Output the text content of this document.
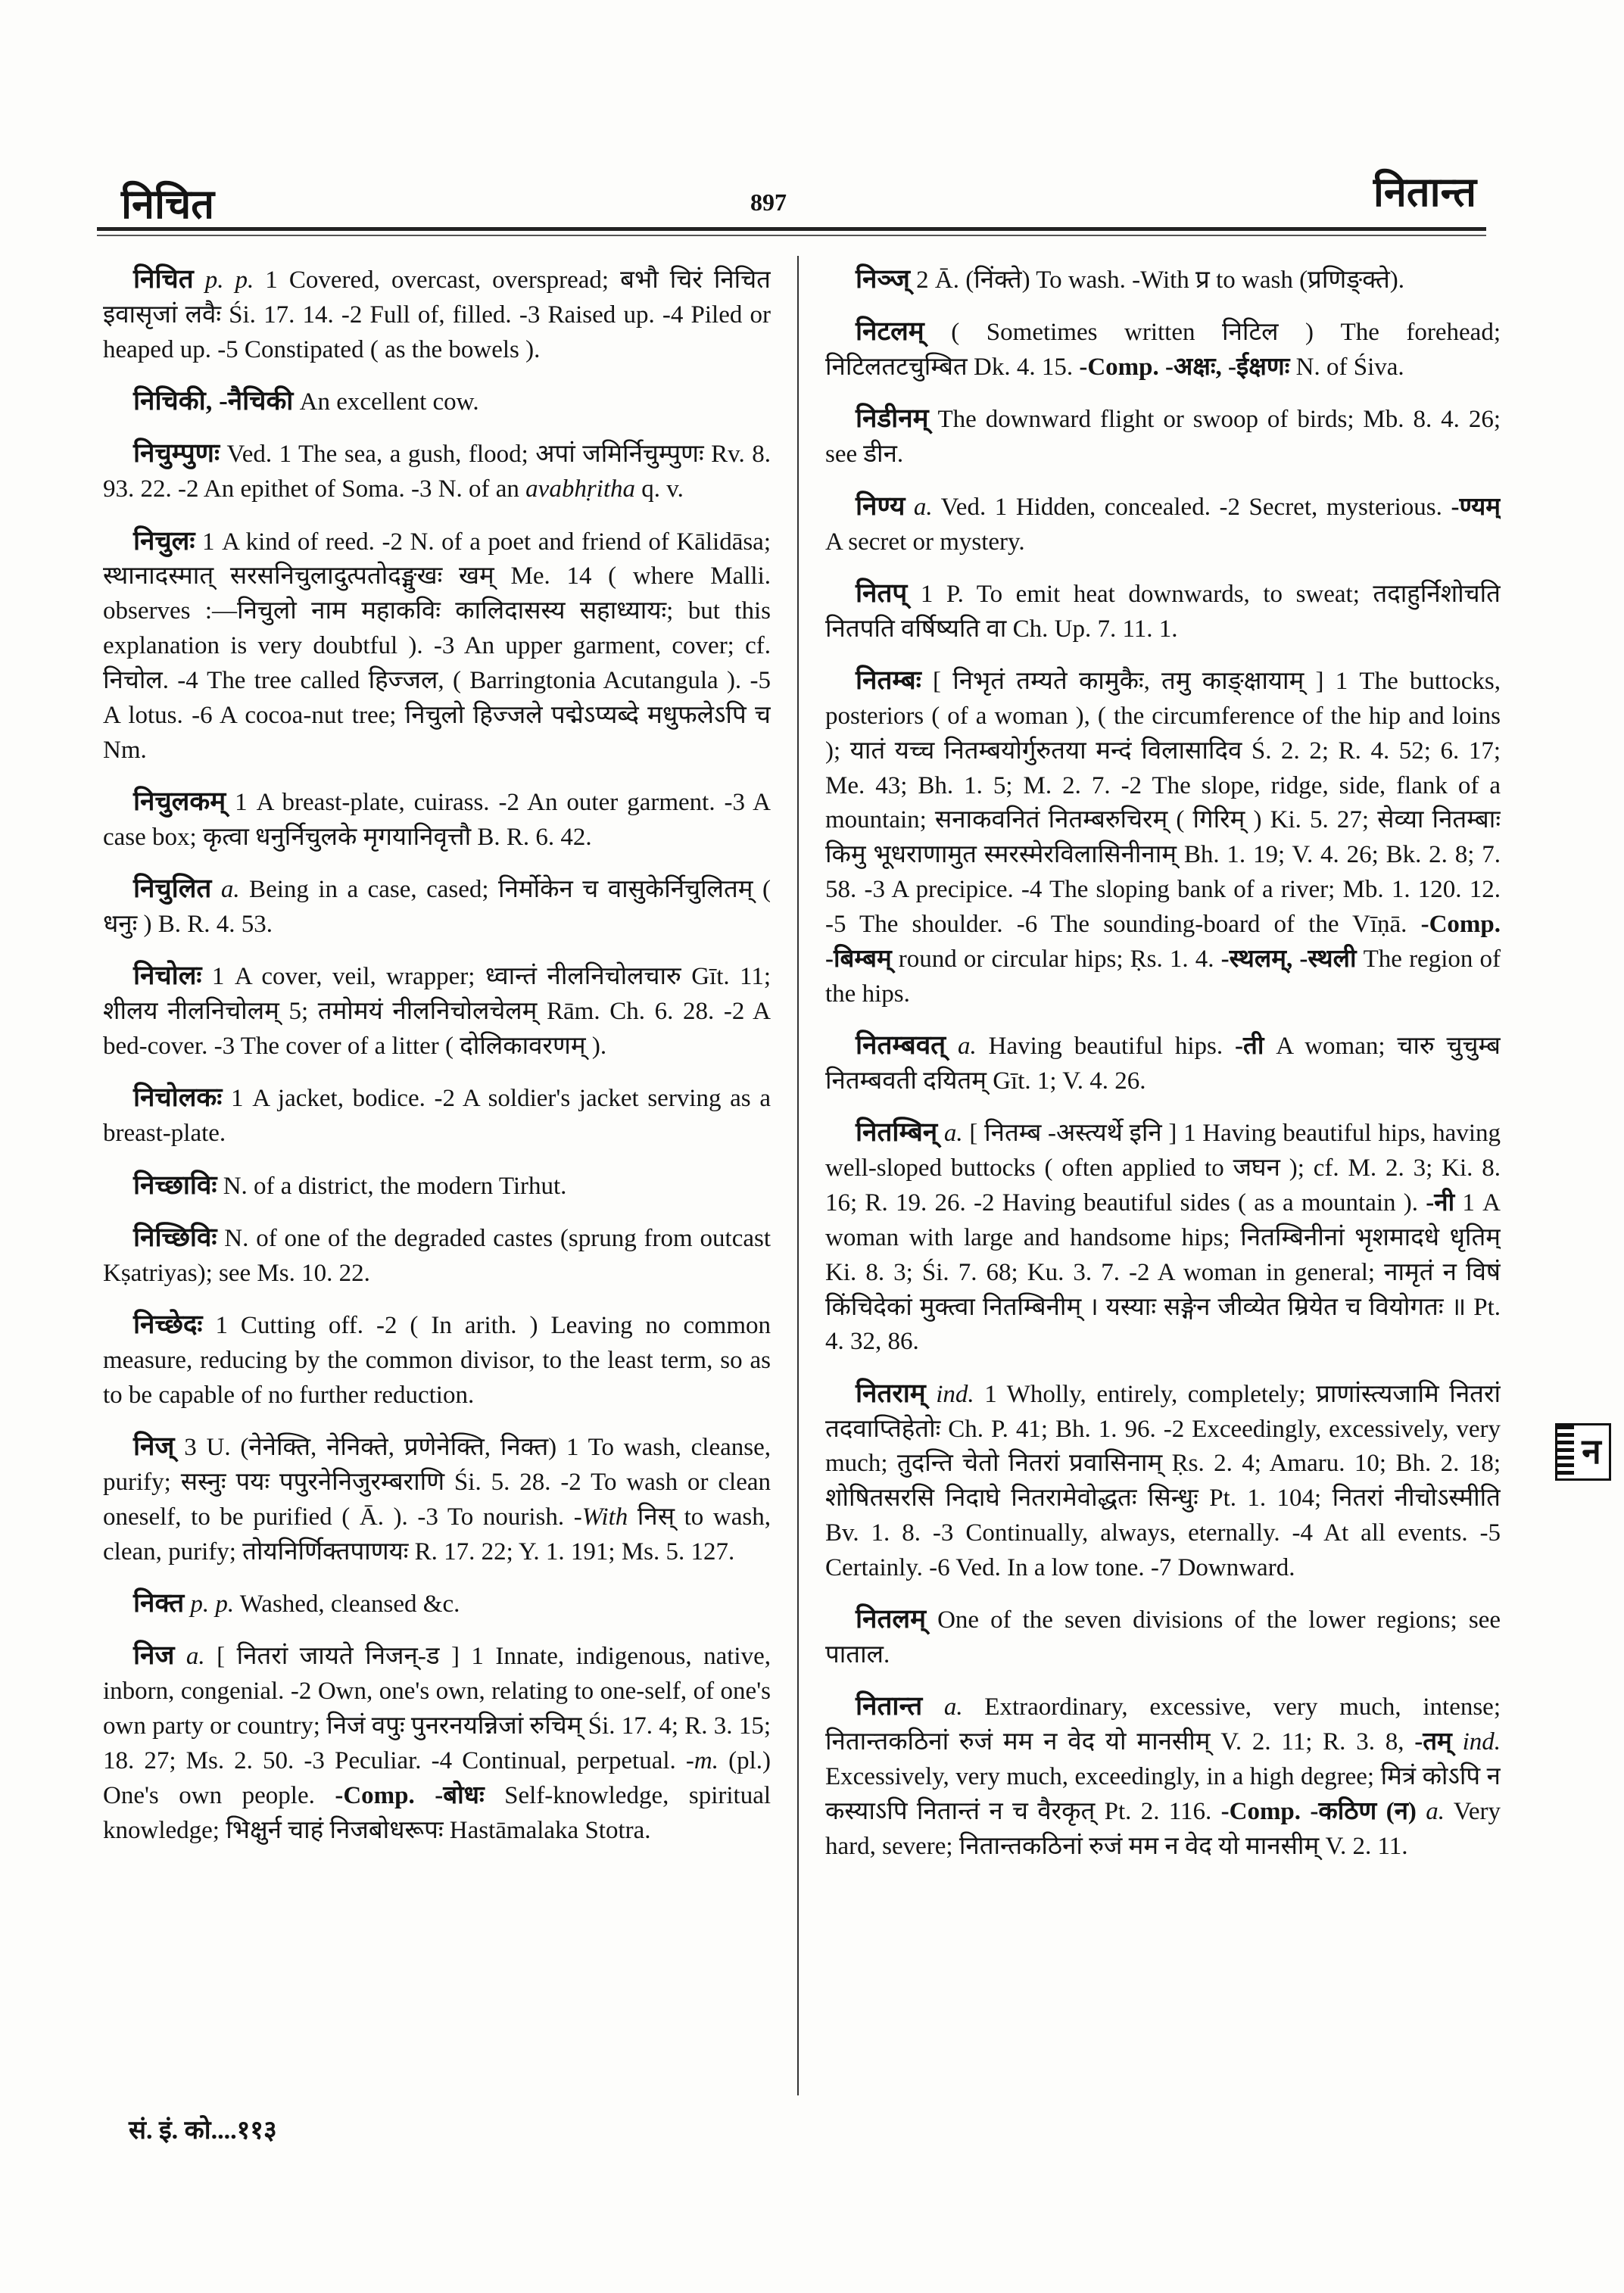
निचित	897	नितान्त

निचित p. p. 1 Covered, overcast, overspread; बभौ चिरं निचित इवासृजां लवैः Śi. 17. 14. -2 Full of, filled. -3 Raised up. -4 Piled or heaped up. -5 Constipated ( as the bowels ).

निचिकी, -नैचिकी An excellent cow.

निचुम्पुणः Ved. 1 The sea, a gush, flood; अपां जमिर्निचुम्पुणः Rv. 8. 93. 22. -2 An epithet of Soma. -3 N. of an avabhṛitha q. v.

निचुलः 1 A kind of reed. -2 N. of a poet and friend of Kālidāsa; स्थानादस्मात् सरसनिचुलादुत्पतोदङ्मुखः खम् Me. 14 ( where Malli. observes :—निचुलो नाम महाकविः कालिदासस्य सहाध्यायः; but this explanation is very doubtful ). -3 An upper garment, cover; cf. निचोल. -4 The tree called हिज्जल, ( Barringtonia Acutangula ). -5 A lotus. -6 A cocoa-nut tree; निचुलो हिज्जले पद्मेऽप्यब्दे मधुफलेऽपि च Nm.

निचुलकम् 1 A breast-plate, cuirass. -2 An outer garment. -3 A case box; कृत्वा धनुर्निचुलके मृगयानिवृत्तौ B. R. 6. 42.

निचुलित a. Being in a case, cased; निर्मोकेन च वासुकेर्निचुलितम् ( धनुः ) B. R. 4. 53.

निचोलः 1 A cover, veil, wrapper; ध्वान्तं नीलनिचोलचारु Gīt. 11; शीलय नीलनिचोलम् 5; तमोमयं नीलनिचोलचेलम् Rām. Ch. 6. 28. -2 A bed-cover. -3 The cover of a litter ( दोलिकावरणम् ).

निचोलकः 1 A jacket, bodice. -2 A soldier's jacket serving as a breast-plate.

निच्छाविः N. of a district, the modern Tirhut.

निच्छिविः N. of one of the degraded castes (sprung from outcast Kṣatriyas); see Ms. 10. 22.

निच्छेदः 1 Cutting off. -2 ( In arith. ) Leaving no common measure, reducing by the common divisor, to the least term, so as to be capable of no further reduction.

निज् 3 U. (नेनेक्ति, नेनिक्ते, प्रणेनेक्ति, निक्त) 1 To wash, cleanse, purify; सस्नुः पयः पपुरनेनिजुरम्बराणि Śi. 5. 28. -2 To wash or clean oneself, to be purified ( Ā. ). -3 To nourish. -With निस् to wash, clean, purify; तोयनिर्णिक्तपाणयः R. 17. 22; Y. 1. 191; Ms. 5. 127.

निक्त p. p. Washed, cleansed &c.

निज a. [ नितरां जायते निजन्-ड ] 1 Innate, indigenous, native, inborn, congenial. -2 Own, one's own, relating to one-self, of one's own party or country; निजं वपुः पुनरनयन्निजां रुचिम् Śi. 17. 4; R. 3. 15; 18. 27; Ms. 2. 50. -3 Peculiar. -4 Continual, perpetual. -m. (pl.) One's own people. -Comp. -बोधः Self-knowledge, spiritual knowledge; भिक्षुर्न चाहं निजबोधरूपः Hastāmalaka Stotra.

निञ्ज् 2 Ā. (निंक्ते) To wash. -With प्र to wash (प्रणिङ्क्ते).

निटलम् ( Sometimes written निटिल ) The forehead; निटिलतटचुम्बित Dk. 4. 15. -Comp. -अक्षः, -ईक्षणः N. of Śiva.

निडीनम् The downward flight or swoop of birds; Mb. 8. 4. 26; see डीन.

निण्य a. Ved. 1 Hidden, concealed. -2 Secret, mysterious. -ण्यम् A secret or mystery.

नितप् 1 P. To emit heat downwards, to sweat; तदाहुर्निशोचति नितपति वर्षिष्यति वा Ch. Up. 7. 11. 1.

नितम्बः [ निभृतं तम्यते कामुकैः, तमु काङ्क्षायाम् ] 1 The buttocks, posteriors ( of a woman ), ( the circumference of the hip and loins ); यातं यच्च नितम्बयोर्गुरुतया मन्दं विलासादिव Ś. 2. 2; R. 4. 52; 6. 17; Me. 43; Bh. 1. 5; M. 2. 7. -2 The slope, ridge, side, flank of a mountain; सनाकवनितं नितम्बरुचिरम् ( गिरिम् ) Ki. 5. 27; सेव्या नितम्बाः किमु भूधराणामुत स्मरस्मेरविलासिनीनाम् Bh. 1. 19; V. 4. 26; Bk. 2. 8; 7. 58. -3 A precipice. -4 The sloping bank of a river; Mb. 1. 120. 12. -5 The shoulder. -6 The sounding-board of the Vīṇā. -Comp. -बिम्बम् round or circular hips; Ṛs. 1. 4. -स्थलम्, -स्थली The region of the hips.

नितम्बवत् a. Having beautiful hips. -ती A woman; चारु चुचुम्ब नितम्बवती दयितम् Gīt. 1; V. 4. 26.

नितम्बिन् a. [ नितम्ब -अस्त्यर्थे इनि ] 1 Having beautiful hips, having well-sloped buttocks ( often applied to जघन ); cf. M. 2. 3; Ki. 8. 16; R. 19. 26. -2 Having beautiful sides ( as a mountain ). -नी 1 A woman with large and handsome hips; नितम्बिनीनां भृशमादधे धृतिम् Ki. 8. 3; Śi. 7. 68; Ku. 3. 7. -2 A woman in general; नामृतं न विषं किंचिदेकां मुक्त्वा नितम्बिनीम् । यस्याः सङ्गेन जीव्येत म्रियेत च वियोगतः ॥ Pt. 4. 32, 86.

नितराम् ind. 1 Wholly, entirely, completely; प्राणांस्त्यजामि नितरां तदवाप्तिहेतोः Ch. P. 41; Bh. 1. 96. -2 Exceedingly, excessively, very much; तुदन्ति चेतो नितरां प्रवासिनाम् Ṛs. 2. 4; Amaru. 10; Bh. 2. 18; शोषितसरसि निदाघे नितरामेवोद्धतः सिन्धुः Pt. 1. 104; नितरां नीचोऽस्मीति Bv. 1. 8. -3 Continually, always, eternally. -4 At all events. -5 Certainly. -6 Ved. In a low tone. -7 Downward.

नितलम् One of the seven divisions of the lower regions; see पाताल.

नितान्त a. Extraordinary, excessive, very much, intense; नितान्तकठिनां रुजं मम न वेद यो मानसीम् V. 2. 11; R. 3. 8, -तम् ind. Excessively, very much, exceedingly, in a high degree; मित्रं कोऽपि न कस्याऽपि नितान्तं न च वैरकृत् Pt. 2. 116. -Comp. -कठिण (न) a. Very hard, severe; नितान्तकठिनां रुजं मम न वेद यो मानसीम् V. 2. 11.

न
सं. इं. को....११३
